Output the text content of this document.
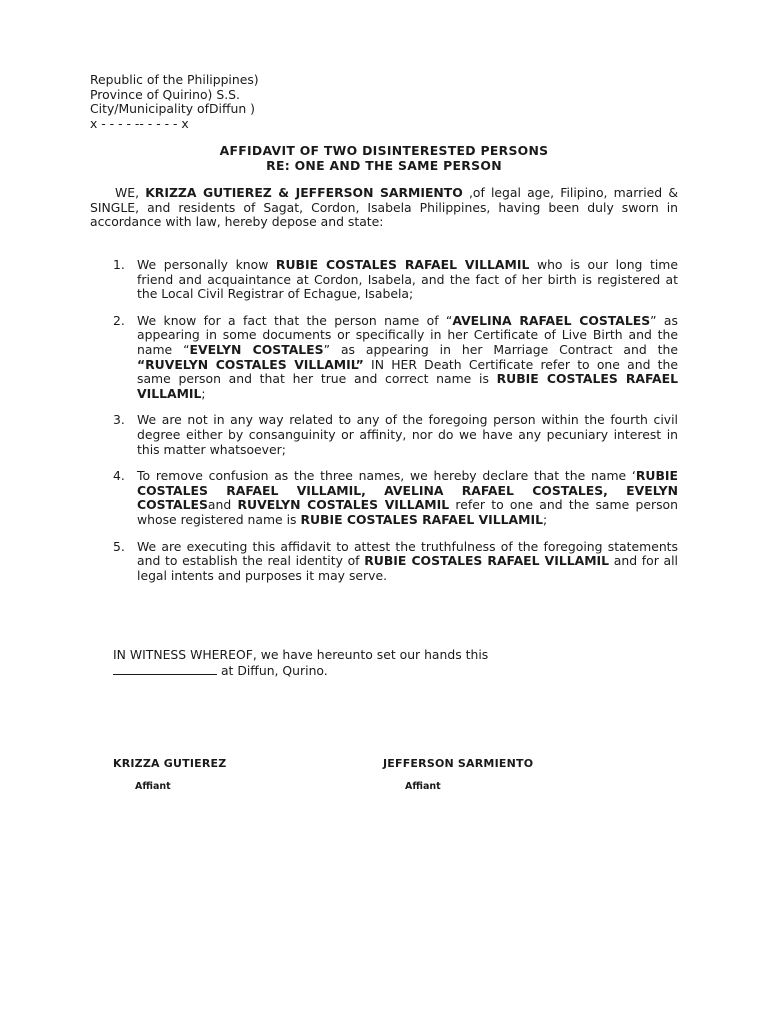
Republic of the Philippines)
Province of Quirino) S.S.
City/Municipality ofDiffun )
x - - - - -- - - - - x
AFFIDAVIT OF TWO DISINTERESTED PERSONS
RE: ONE AND THE SAME PERSON
WE, KRIZZA GUTIEREZ & JEFFERSON SARMIENTO ,of legal age, Filipino, married & SINGLE, and residents of Sagat, Cordon, Isabela Philippines, having been duly sworn in accordance with law, hereby depose and state:
1. We personally know RUBIE COSTALES RAFAEL VILLAMIL who is our long time friend and acquaintance at Cordon, Isabela, and the fact of her birth is registered at the Local Civil Registrar of Echague, Isabela;
2. We know for a fact that the person name of “AVELINA RAFAEL COSTALES” as appearing in some documents or specifically in her Certificate of Live Birth and the name “EVELYN COSTALES” as appearing in her Marriage Contract and the “RUVELYN COSTALES VILLAMIL” IN HER Death Certificate refer to one and the same person and that her true and correct name is RUBIE COSTALES RAFAEL VILLAMIL;
3. We are not in any way related to any of the foregoing person within the fourth civil degree either by consanguinity or affinity, nor do we have any pecuniary interest in this matter whatsoever;
4. To remove confusion as the three names, we hereby declare that the name ‘RUBIE COSTALES RAFAEL VILLAMIL, AVELINA RAFAEL COSTALES, EVELYN COSTALESand RUVELYN COSTALES VILLAMIL refer to one and the same person whose registered name is RUBIE COSTALES RAFAEL VILLAMIL;
5. We are executing this affidavit to attest the truthfulness of the foregoing statements and to establish the real identity of RUBIE COSTALES RAFAEL VILLAMIL and for all legal intents and purposes it may serve.
IN WITNESS WHEREOF, we have hereunto set our hands this
at Diffun, Qurino.
KRIZZA GUTIEREZ
Affiant
JEFFERSON SARMIENTO
Affiant
